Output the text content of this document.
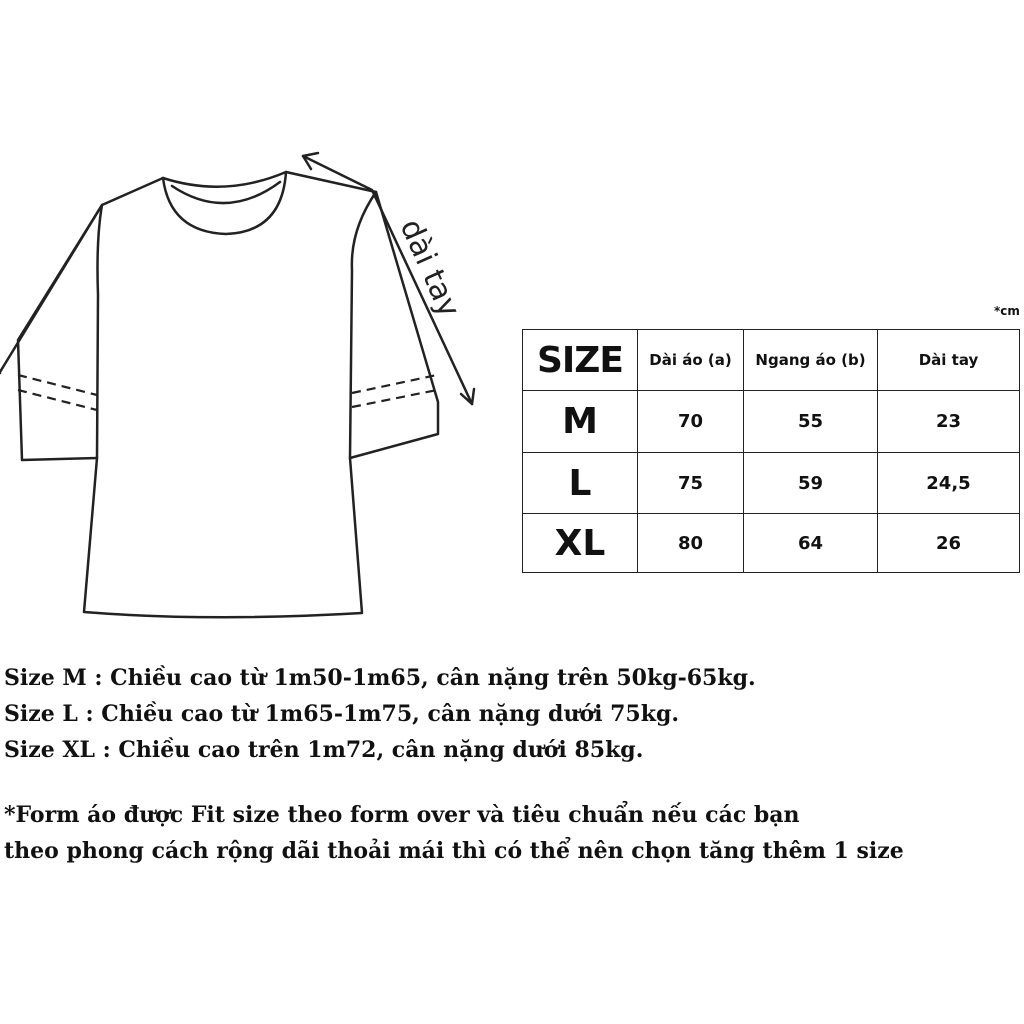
dài tay	*cm
SIZE	Dài áo (a)	Ngang áo (b)	Dài tay
M	70	55	23
L	75	59	24,5
XL	80	64	26

Size M : Chiều cao từ 1m50-1m65, cân nặng trên 50kg-65kg.

Size L : Chiều cao từ 1m65-1m75, cân nặng dưới 75kg.

Size XL : Chiều cao trên 1m72, cân nặng dưới 85kg.

*Form áo được Fit size theo form over và tiêu chuẩn nếu các bạn

theo phong cách rộng dãi thoải mái thì có thể nên chọn tăng thêm 1 size
